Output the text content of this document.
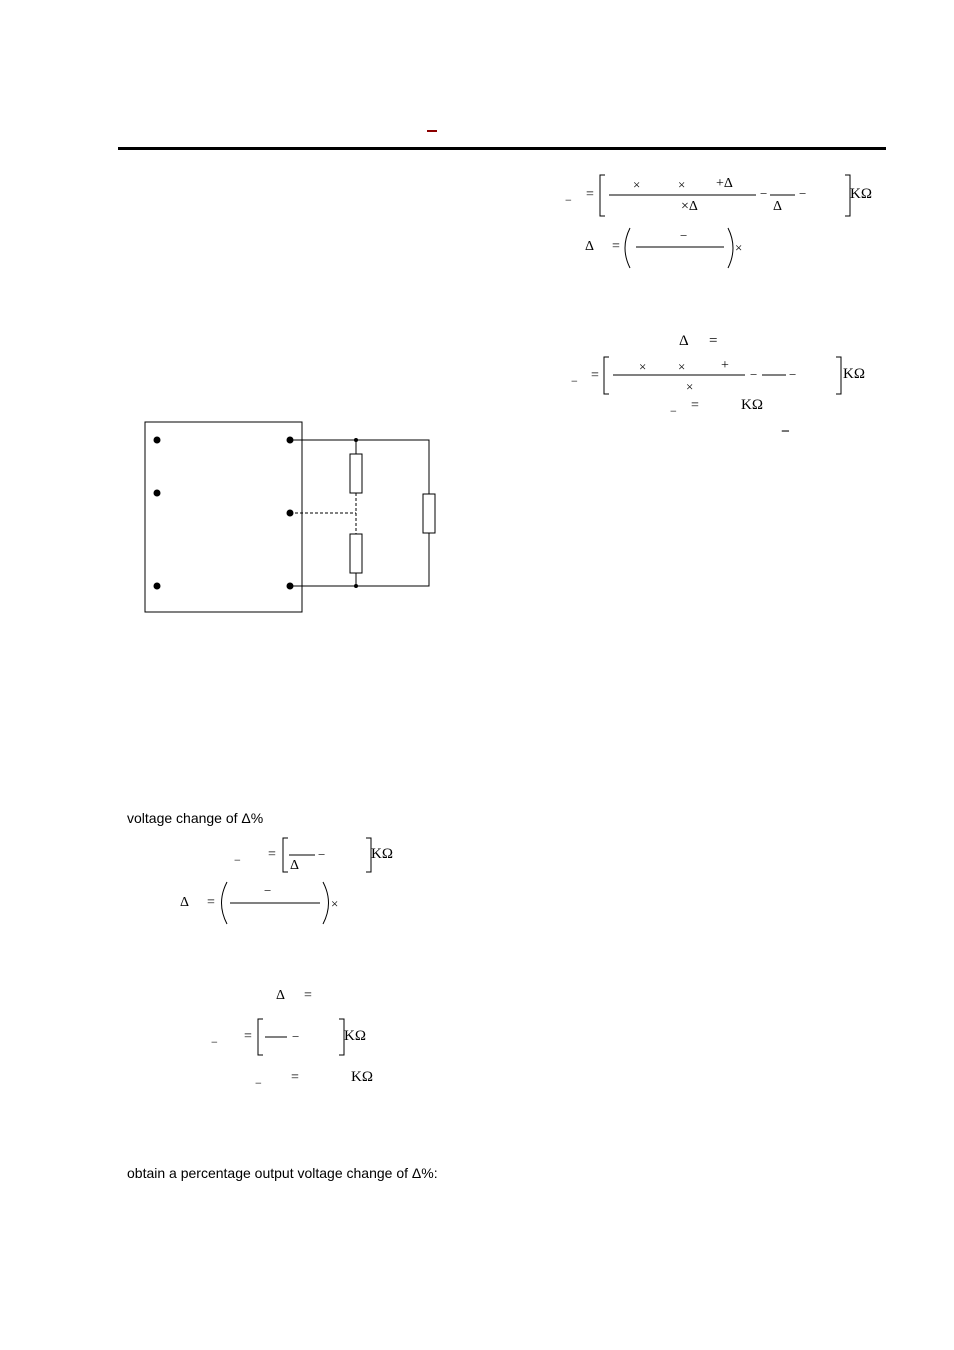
− =
×	× +Δ
×Δ
−
Δ
−	KΩ
Δ =
−
×
Δ =
− =
× ×	+
×
− −	KΩ
− =	KΩ
−
voltage change of Δ%
− =
Δ
−	KΩ
Δ =
−
×
Δ =
− =	−	KΩ
− =	KΩ
obtain a percentage output voltage change of Δ%:
